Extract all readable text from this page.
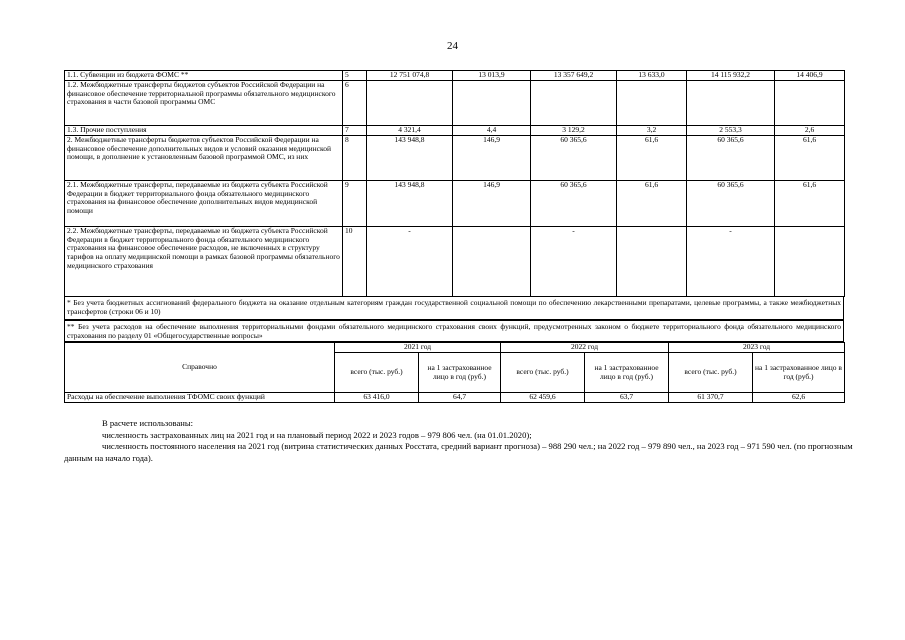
24
1.1. Субвенции из бюджета ФОМС **	5	12 751 074,8	13 013,9	13 357 649,2	13 633,0	14 115 932,2	14 406,9
1.2. Межбюджетные трансферты бюджетов субъектов Российской Федерации на финансовое обеспечение территориальной программы обязательного медицинского страхования в части базовой программы ОМС	6						
1.3. Прочие поступления	7	4 321,4	4,4	3 129,2	3,2	2 553,3	2,6
2. Межбюджетные трансферты бюджетов субъектов Российской Федерации на финансовое обеспечение дополнительных видов и условий оказания медицинской помощи, в дополнение к установленным базовой программой ОМС, из них	8	143 948,8	146,9	60 365,6	61,6	60 365,6	61,6
2.1. Межбюджетные трансферты, передаваемые из бюджета субъекта Российской Федерации в бюджет территориального фонда обязательного медицинского страхования на финансовое обеспечение дополнительных видов медицинской помощи	9	143 948,8	146,9	60 365,6	61,6	60 365,6	61,6
2.2. Межбюджетные трансферты, передаваемые из бюджета субъекта Российской Федерации в бюджет территориального фонда обязательного медицинского страхования на финансовое обеспечение расходов, не включенных в структуру тарифов на оплату медицинской помощи в рамках базовой программы обязательного медицинского страхования	10	-		-		-	
* Без учета бюджетных ассигнований федерального бюджета на оказание отдельным категориям граждан государственной социальной помощи по обеспечению лекарственными препаратами, целевые программы, а также межбюджетных трансфертов (строки 06 и 10)
** Без учета расходов на обеспечение выполнения территориальными фондами обязательного медицинского страхования своих функций, предусмотренных законом о бюджете территориального фонда обязательного медицинского страхования по разделу 01 «Общегосударственные вопросы»
Справочно	2021 год		2022 год		2023 год	
	всего (тыс. руб.)	на 1 застрахованное лицо в год (руб.)	всего (тыс. руб.)	на 1 застрахованное лицо в год (руб.)	всего (тыс. руб.)	на 1 застрахованное лицо в год (руб.)
Расходы на обеспечение выполнения ТФОМС своих функций	63 416,0	64,7	62 459,6	63,7	61 370,7	62,6

В расчете использованы:

численность застрахованных лиц на 2021 год и на плановый период 2022 и 2023 годов – 979 806 чел. (на 01.01.2020);

численность постоянного населения на 2021 год (витрина статистических данных Росстата, средний вариант прогноза) – 988 290 чел.; на 2022 год – 979 890 чел., на 2023 год – 971 590 чел. (по прогнозным данным на начало года).
